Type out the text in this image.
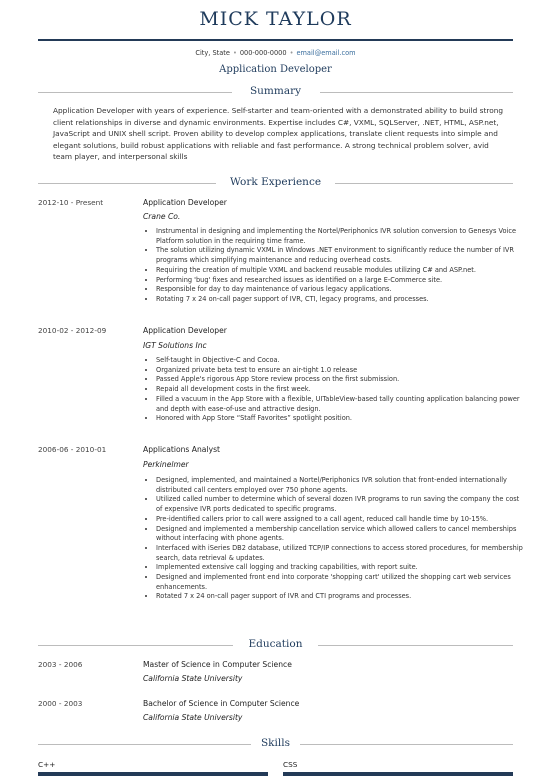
MICK TAYLOR
City, State • 000-000-0000 • email@email.com
Application Developer
Summary
Application Developer with years of experience. Self-starter and team-oriented with a demonstrated ability to build strong client relationships in diverse and dynamic environments. Expertise includes C#, VXML, SQLServer, .NET, HTML, ASP.net, JavaScript and UNIX shell script. Proven ability to develop complex applications, translate client requests into simple and elegant solutions, build robust applications with reliable and fast performance. A strong technical problem solver, avid team player, and interpersonal skills
Work Experience
2012-10 - Present	Application Developer
Crane Co.
• Instrumental in designing and implementing the Nortel/Periphonics IVR solution conversion to Genesys Voice Platform solution in the requiring time frame.
• The solution utilizing dynamic VXML in Windows .NET environment to significantly reduce the number of IVR programs which simplifying maintenance and reducing overhead costs.
• Requiring the creation of multiple VXML and backend reusable modules utilizing C# and ASP.net.
• Performing 'bug' fixes and researched issues as identified on a large E-Commerce site.
• Responsible for day to day maintenance of various legacy applications.
• Rotating 7 x 24 on-call pager support of IVR, CTI, legacy programs, and processes.
2010-02 - 2012-09	Application Developer
IGT Solutions Inc
• Self-taught in Objective-C and Cocoa.
• Organized private beta test to ensure an air-tight 1.0 release
• Passed Apple's rigorous App Store review process on the first submission.
• Repaid all development costs in the first week.
• Filled a vacuum in the App Store with a flexible, UITableView-based tally counting application balancing power and depth with ease-of-use and attractive design.
• Honored with App Store “Staff Favorites” spotlight position.
2006-06 - 2010-01	Applications Analyst
Perkinelmer
• Designed, implemented, and maintained a Nortel/Periphonics IVR solution that front-ended internationally distributed call centers employed over 750 phone agents.
• Utilized called number to determine which of several dozen IVR programs to run saving the company the cost of expensive IVR ports dedicated to specific programs.
• Pre-identified callers prior to call were assigned to a call agent, reduced call handle time by 10-15%.
• Designed and implemented a membership cancellation service which allowed callers to cancel memberships without interfacing with phone agents.
• Interfaced with iSeries DB2 database, utilized TCP/IP connections to access stored procedures, for membership search, data retrieval & updates.
• Implemented extensive call logging and tracking capabilities, with report suite.
• Designed and implemented front end into corporate 'shopping cart' utilized the shopping cart web services enhancements.
• Rotated 7 x 24 on-call pager support of IVR and CTI programs and processes.
Education
2003 - 2006	Master of Science in Computer Science
California State University
2000 - 2003	Bachelor of Science in Computer Science
California State University
Skills
C++	CSS
